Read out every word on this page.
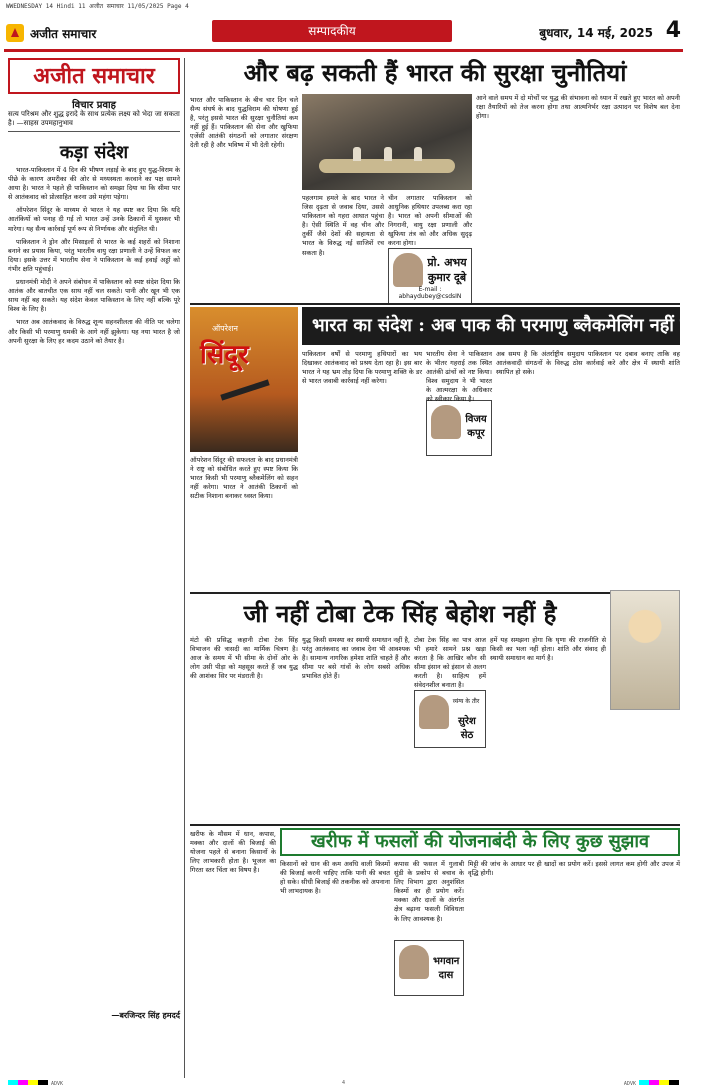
WWEDNESDAY 14 Hindi 11 अजीत समाचार 11/05/2025 Page 4
अजीत समाचार	सम्पादकीय	बुधवार, 14 मई, 2025 4
अजीत समाचार
विचार प्रवाह
सत्य परिश्रम और शुद्ध इरादे के साथ प्रत्येक लक्ष्य को भेदा जा सकता है। —साहस उपमहानुभाव
कड़ा संदेश

भारत-पाकिस्तान में 4 दिन की भीषण लड़ाई के बाद हुए युद्ध-विराम के पीछे के कारण अमरीका की ओर से मध्यस्थता करवाने का पक्ष सामने आया है। भारत ने पहले ही पाकिस्तान को समझा दिया था कि सीमा पार से आतंकवाद को प्रोत्साहित करना उसे महंगा पड़ेगा।

ऑपरेशन सिंदूर के माध्यम से भारत ने यह स्पष्ट कर दिया कि यदि आतंकियों को पनाह दी गई तो भारत उन्हें उनके ठिकानों में घुसकर भी मारेगा। यह सैन्य कार्रवाई पूर्ण रूप से निर्णायक और संतुलित थी।

पाकिस्तान ने ड्रोन और मिसाइलों से भारत के कई शहरों को निशाना बनाने का प्रयास किया, परंतु भारतीय वायु रक्षा प्रणाली ने उन्हें विफल कर दिया। इसके उत्तर में भारतीय सेना ने पाकिस्तान के कई हवाई अड्डों को गंभीर क्षति पहुंचाई।

प्रधानमंत्री मोदी ने अपने संबोधन में पाकिस्तान को स्पष्ट संदेश दिया कि आतंक और बातचीत एक साथ नहीं चल सकते। पानी और खून भी एक साथ नहीं बह सकते। यह संदेश केवल पाकिस्तान के लिए नहीं बल्कि पूरे विश्व के लिए है।

भारत अब आतंकवाद के विरुद्ध शून्य सहनशीलता की नीति पर चलेगा और किसी भी परमाणु धमकी के आगे नहीं झुकेगा। यह नया भारत है जो अपनी सुरक्षा के लिए हर कदम उठाने को तैयार है।

—बरजिन्दर सिंह हमदर्द
और बढ़ सकती हैं भारत की सुरक्षा चुनौतियां
भारत और पाकिस्तान के बीच चार दिन चले सैन्य संघर्ष के बाद युद्धविराम की घोषणा हुई है, परंतु इससे भारत की सुरक्षा चुनौतियां कम नहीं हुई हैं। पाकिस्तान की सेना और खुफिया एजेंसी आतंकी संगठनों को लगातार संरक्षण देती रही है और भविष्य में भी देती रहेगी।
पहलगाम हमले के बाद भारत ने जिस दृढ़ता से जवाब दिया, उससे पाकिस्तान को गहरा आघात पहुंचा है। ऐसी स्थिति में वह चीन और तुर्की जैसे देशों की सहायता से भारत के विरुद्ध नई साजिशें रच सकता है।
प्रो. अभय कुमार दूबे
E-mail : abhaydubey@csdsIN
चीन लगातार पाकिस्तान को आधुनिक हथियार उपलब्ध करा रहा है। भारत को अपनी सीमाओं की निगरानी, वायु रक्षा प्रणाली और खुफिया तंत्र को और अधिक सुदृढ़ करना होगा।
आने वाले समय में दो मोर्चों पर युद्ध की संभावना को ध्यान में रखते हुए भारत को अपनी रक्षा तैयारियों को तेज करना होगा तथा आत्मनिर्भर रक्षा उत्पादन पर विशेष बल देना होगा।
ऑपरेशन
सिंदूर
भारत का संदेश : अब पाक की परमाणु ब्लैकमेलिंग नहीं चलेगी
ऑपरेशन सिंदूर की सफलता के बाद प्रधानमंत्री ने राष्ट्र को संबोधित करते हुए स्पष्ट किया कि भारत किसी भी परमाणु ब्लैकमेलिंग को सहन नहीं करेगा। भारत ने आतंकी ठिकानों को सटीक निशाना बनाकर ध्वस्त किया।
पाकिस्तान वर्षों से परमाणु हथियारों का भय दिखाकर आतंकवाद को प्रश्रय देता रहा है। इस बार भारत ने यह भ्रम तोड़ दिया कि परमाणु शक्ति के डर से भारत जवाबी कार्रवाई नहीं करेगा।
विजय कपूर
भारतीय सेना ने पाकिस्तान के भीतर गहराई तक स्थित आतंकी ढांचों को नष्ट किया। विश्व समुदाय ने भी भारत के आत्मरक्षा के अधिकार को स्वीकार किया है।
अब समय है कि अंतर्राष्ट्रीय समुदाय पाकिस्तान पर दबाव बनाए ताकि वह आतंकवादी संगठनों के विरुद्ध ठोस कार्रवाई करे और क्षेत्र में स्थायी शांति स्थापित हो सके।
जी नहीं टोबा टेक सिंह बेहोश नहीं है
मंटो की प्रसिद्ध कहानी टोबा टेक सिंह विभाजन की त्रासदी का मार्मिक चित्रण है। आज के समय में भी सीमा के दोनों ओर के लोग उसी पीड़ा को महसूस करते हैं जब युद्ध की आशंका सिर पर मंडराती है।
युद्ध किसी समस्या का स्थायी समाधान नहीं है, परंतु आतंकवाद का जवाब देना भी आवश्यक है। सामान्य नागरिक हमेशा शांति चाहते हैं और सीमा पर बसे गांवों के लोग सबसे अधिक प्रभावित होते हैं।
व्यंग्य के तीर
सुरेश सेठ
टोबा टेक सिंह का पात्र आज भी हमारे सामने प्रश्न खड़ा करता है कि आखिर कौन सी सीमा इंसान को इंसान से अलग करती है। साहित्य हमें संवेदनशील बनाता है।
हमें यह समझना होगा कि घृणा की राजनीति से किसी का भला नहीं होता। शांति और संवाद ही स्थायी समाधान का मार्ग है।
खरीफ के मौसम में धान, कपास, मक्का और दालों की बिजाई की योजना पहले से बनाना किसानों के लिए लाभकारी होता है। भूजल का गिरता स्तर चिंता का विषय है।
खरीफ में फसलों की योजनाबंदी के लिए कुछ सुझाव
किसानों को धान की कम अवधि वाली किस्मों की बिजाई करनी चाहिए ताकि पानी की बचत हो सके। सीधी बिजाई की तकनीक को अपनाना भी लाभदायक है।
भगवान दास
कपास की फसल में गुलाबी सुंडी के प्रकोप से बचाव के लिए विभाग द्वारा अनुशंसित किस्मों का ही प्रयोग करें। मक्का और दालों के अंतर्गत क्षेत्र बढ़ाना फसली विविधता के लिए आवश्यक है।
मिट्टी की जांच के आधार पर ही खादों का प्रयोग करें। इससे लागत कम होगी और उपज में वृद्धि होगी।
ADVK	4	ADVK
